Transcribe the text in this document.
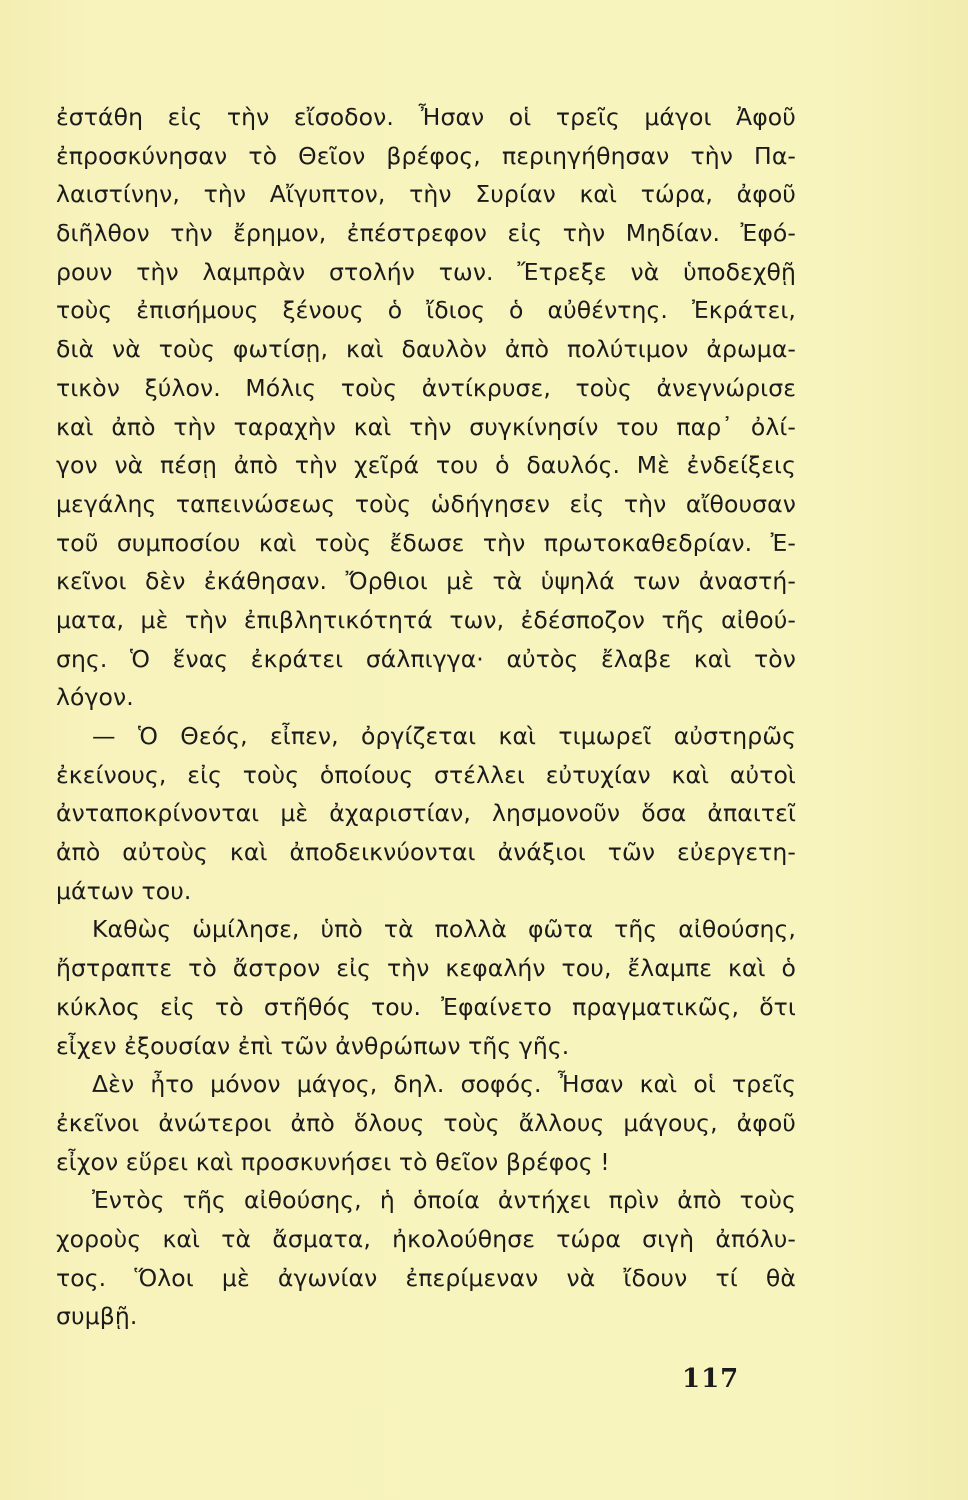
ἐστάθη εἰς τὴν εἴσοδον. Ἦσαν οἱ τρεῖς μάγοι Ἀφοῦ
ἐπροσκύνησαν τὸ Θεῖον βρέφος, περιηγήθησαν τὴν Πα-
λαιστίνην, τὴν Αἴγυπτον, τὴν Συρίαν καὶ τώρα, ἀφοῦ
διῆλθον τὴν ἔρημον, ἐπέστρεφον εἰς τὴν Μηδίαν. Ἐφό-
ρουν τὴν λαμπρὰν στολήν των. Ἔτρεξε νὰ ὑποδεχθῇ
τοὺς ἐπισήμους ξένους ὁ ἴδιος ὁ αὐθέντης. Ἐκράτει,
διὰ νὰ τοὺς φωτίσῃ, καὶ δαυλὸν ἀπὸ πολύτιμον ἀρωμα-
τικὸν ξύλον. Μόλις τοὺς ἀντίκρυσε, τοὺς ἀνεγνώρισε
καὶ ἀπὸ τὴν ταραχὴν καὶ τὴν συγκίνησίν του παρ᾽ ὀλί-
γον νὰ πέσῃ ἀπὸ τὴν χεῖρά του ὁ δαυλός. Μὲ ἐνδείξεις
μεγάλης ταπεινώσεως τοὺς ὡδήγησεν εἰς τὴν αἴθουσαν
τοῦ συμποσίου καὶ τοὺς ἔδωσε τὴν πρωτοκαθεδρίαν. Ἐ-
κεῖνοι δὲν ἐκάθησαν. Ὄρθιοι μὲ τὰ ὑψηλά των ἀναστή-
ματα, μὲ τὴν ἐπιβλητικότητά των, ἐδέσποζον τῆς αἰθού-
σης. Ὁ ἕνας ἐκράτει σάλπιγγα· αὐτὸς ἔλαβε καὶ τὸν
λόγον.
— Ὁ Θεός, εἶπεν, ὀργίζεται καὶ τιμωρεῖ αὐστηρῶς
ἐκείνους, εἰς τοὺς ὁποίους στέλλει εὐτυχίαν καὶ αὐτοὶ
ἀνταποκρίνονται μὲ ἀχαριστίαν, λησμονοῦν ὅσα ἀπαιτεῖ
ἀπὸ αὐτοὺς καὶ ἀποδεικνύονται ἀνάξιοι τῶν εὐεργετη-
μάτων του.
Καθὼς ὡμίλησε, ὑπὸ τὰ πολλὰ φῶτα τῆς αἰθούσης,
ἤστραπτε τὸ ἄστρον εἰς τὴν κεφαλήν του, ἔλαμπε καὶ ὁ
κύκλος εἰς τὸ στῆθός του. Ἐφαίνετο πραγματικῶς, ὅτι
εἶχεν ἐξουσίαν ἐπὶ τῶν ἀνθρώπων τῆς γῆς.
Δὲν ἦτο μόνον μάγος, δηλ. σοφός. Ἦσαν καὶ οἱ τρεῖς
ἐκεῖνοι ἀνώτεροι ἀπὸ ὅλους τοὺς ἄλλους μάγους, ἀφοῦ
εἶχον εὕρει καὶ προσκυνήσει τὸ θεῖον βρέφος !
Ἐντὸς τῆς αἰθούσης, ἡ ὁποία ἀντήχει πρὶν ἀπὸ τοὺς
χοροὺς καὶ τὰ ἄσματα, ἠκολούθησε τώρα σιγὴ ἀπόλυ-
τος. Ὅλοι μὲ ἀγωνίαν ἐπερίμεναν νὰ ἴδουν τί θὰ
συμβῇ.
117
